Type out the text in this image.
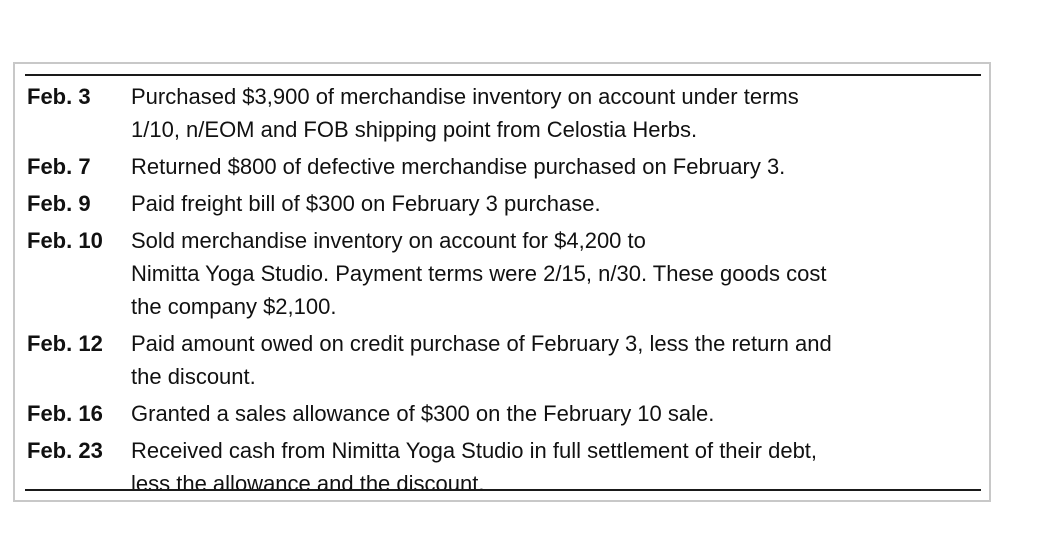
Feb. 3	Purchased $3,900 of merchandise inventory on account under terms
1/10, n/EOM and FOB shipping point from Celostia Herbs.
Feb. 7	Returned $800 of defective merchandise purchased on February 3.
Feb. 9	Paid freight bill of $300 on February 3 purchase.
Feb. 10	Sold merchandise inventory on account for $4,200 to
Nimitta Yoga Studio. Payment terms were 2/15, n/30. These goods cost
the company $2,100.
Feb. 12	Paid amount owed on credit purchase of February 3, less the return and
the discount.
Feb. 16	Granted a sales allowance of $300 on the February 10 sale.
Feb. 23	Received cash from Nimitta Yoga Studio in full settlement of their debt,
less the allowance and the discount.
